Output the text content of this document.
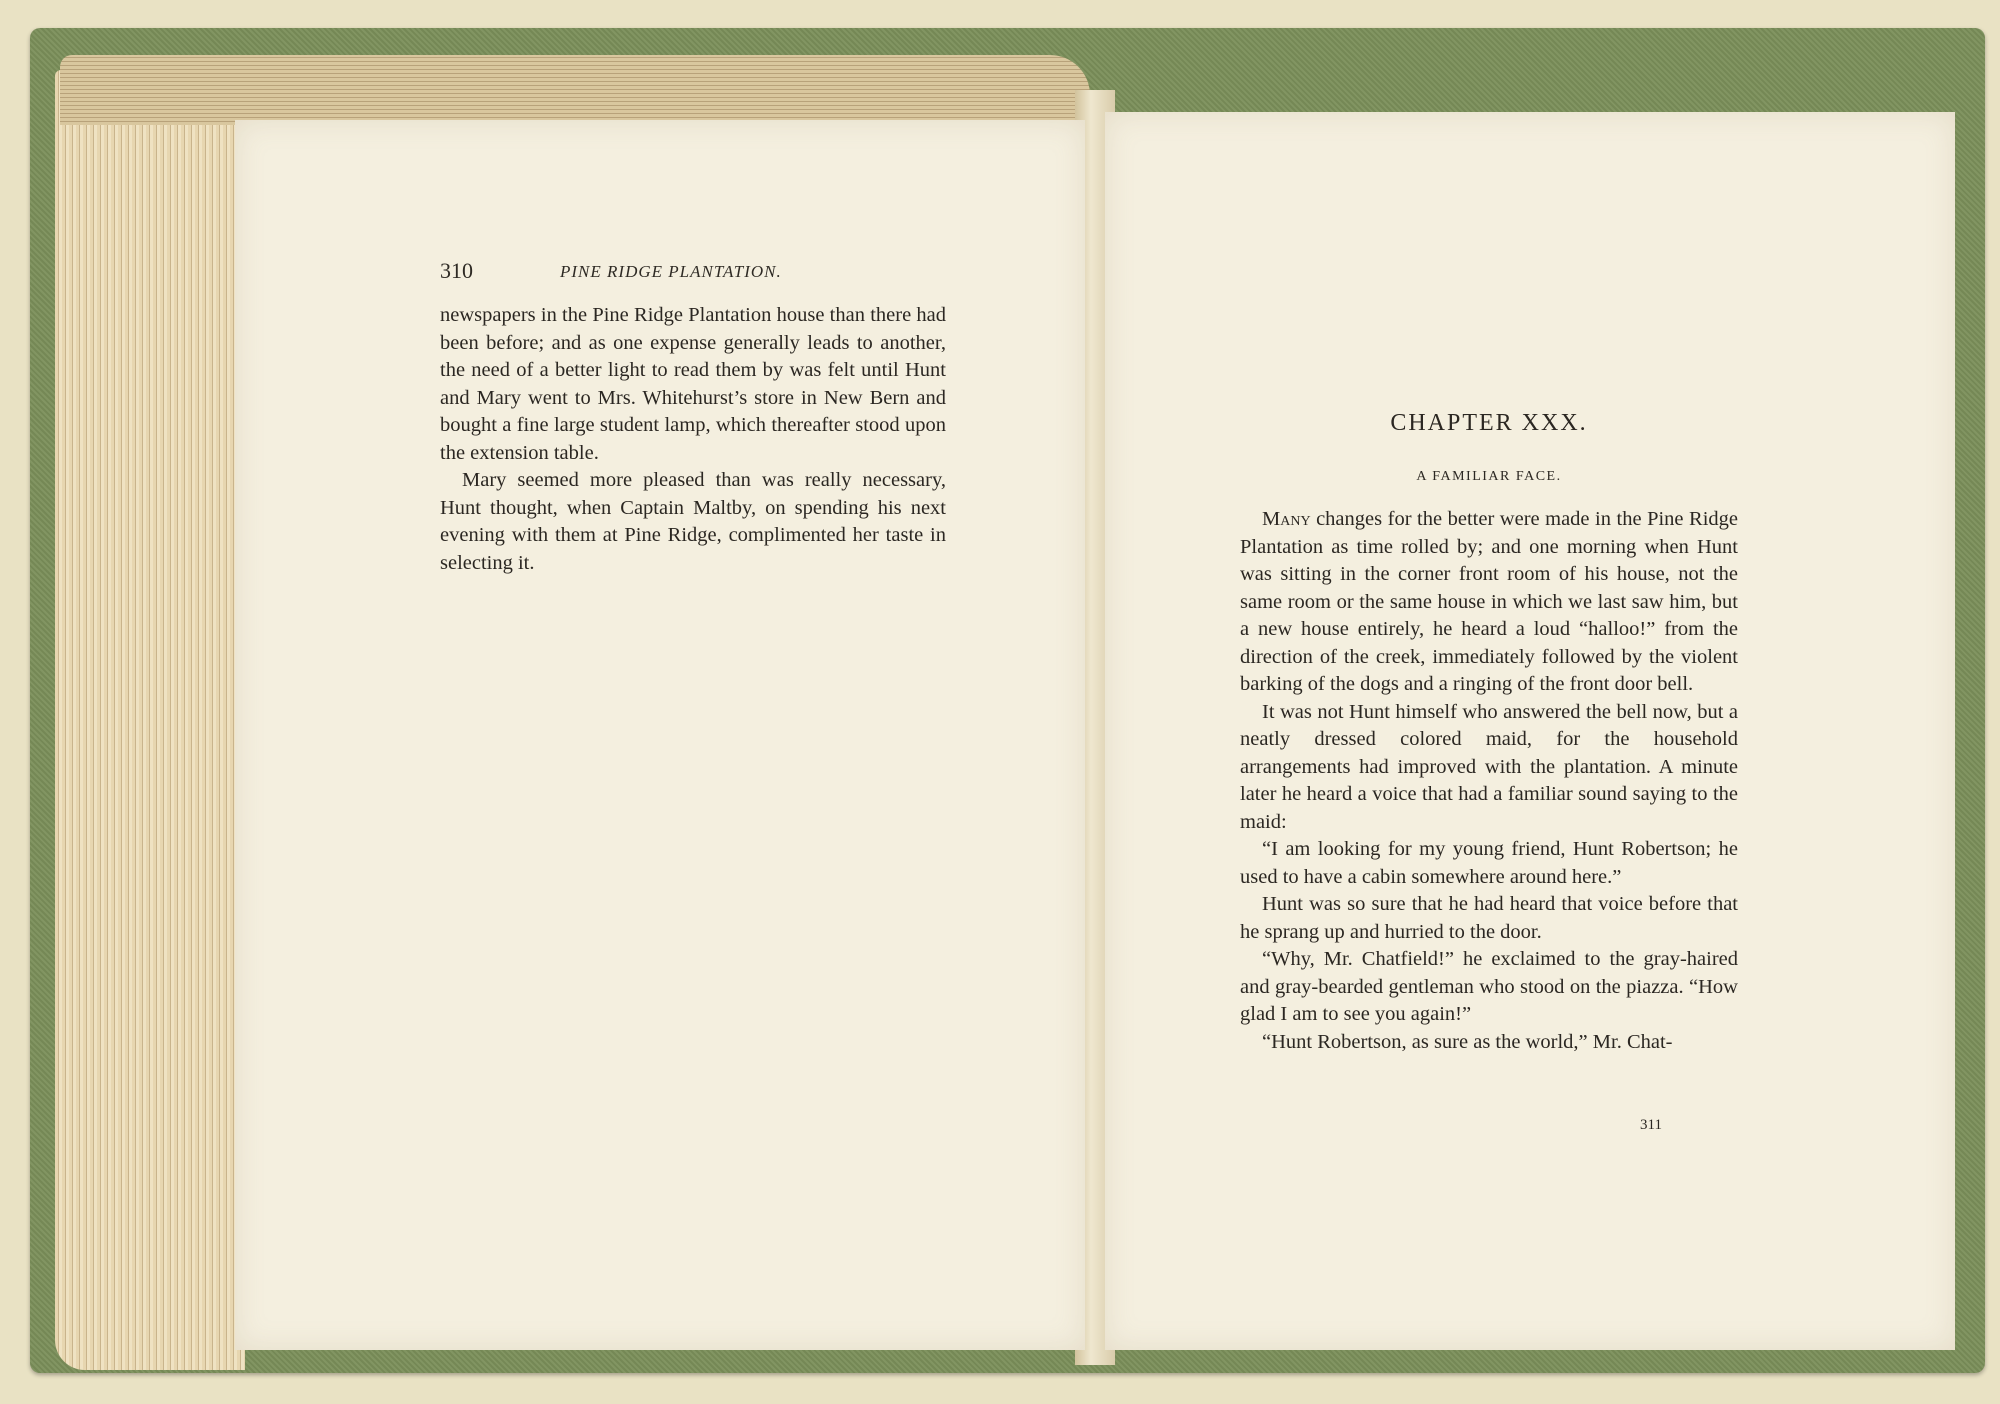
310	PINE RIDGE PLANTATION.

newspapers in the Pine Ridge Plantation house than there had been before; and as one expense generally leads to another, the need of a better light to read them by was felt until Hunt and Mary went to Mrs. Whitehurst’s store in New Bern and bought a fine large student lamp, which thereafter stood upon the extension table.

Mary seemed more pleased than was really necessary, Hunt thought, when Captain Maltby, on spending his next evening with them at Pine Ridge, complimented her taste in selecting it.

CHAPTER XXX.
A FAMILIAR FACE.

Many changes for the better were made in the Pine Ridge Plantation as time rolled by; and one morning when Hunt was sitting in the corner front room of his house, not the same room or the same house in which we last saw him, but a new house entirely, he heard a loud “halloo!” from the direction of the creek, immediately followed by the violent barking of the dogs and a ringing of the front door bell.

It was not Hunt himself who answered the bell now, but a neatly dressed colored maid, for the household arrangements had improved with the plantation. A minute later he heard a voice that had a familiar sound saying to the maid:

“I am looking for my young friend, Hunt Robertson; he used to have a cabin somewhere around here.”

Hunt was so sure that he had heard that voice before that he sprang up and hurried to the door.

“Why, Mr. Chatfield!” he exclaimed to the gray-haired and gray-bearded gentleman who stood on the piazza. “How glad I am to see you again!”

“Hunt Robertson, as sure as the world,” Mr. Chat-

311
